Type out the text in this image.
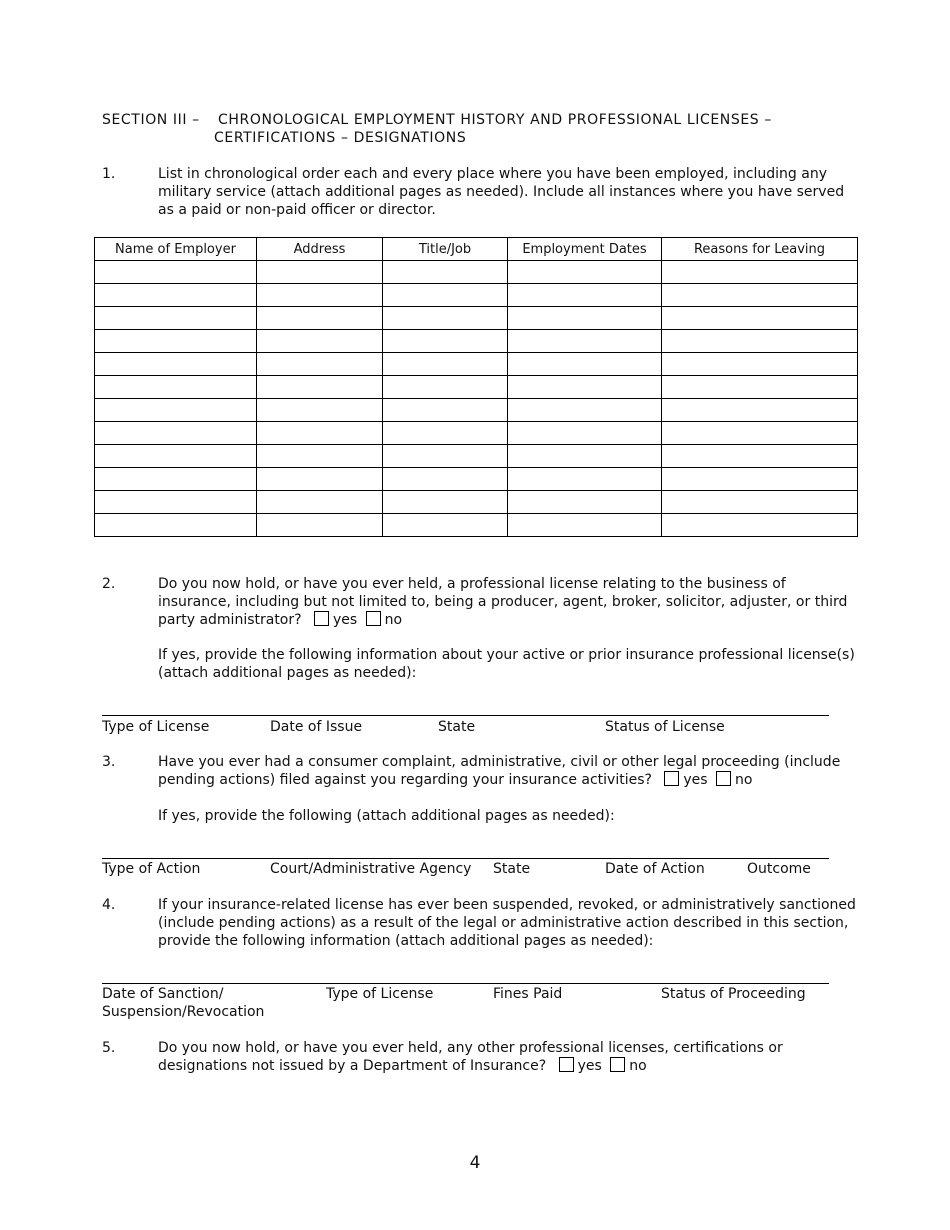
SECTION III – CHRONOLOGICAL EMPLOYMENT HISTORY AND PROFESSIONAL LICENSES –
CERTIFICATIONS – DESIGNATIONS
1.	List in chronological order each and every place where you have been employed, including any military service (attach additional pages as needed). Include all instances where you have served as a paid or non-paid officer or director.
Name of Employer	Address	Title/Job	Employment Dates	Reasons for Leaving

2.	Do you now hold, or have you ever held, a professional license relating to the business of insurance, including but not limited to, being a producer, agent, broker, solicitor, adjuster, or third party administrator? yes no
If yes, provide the following information about your active or prior insurance professional license(s) (attach additional pages as needed):
Type of License	Date of Issue	State	Status of License
3.	Have you ever had a consumer complaint, administrative, civil or other legal proceeding (include pending actions) filed against you regarding your insurance activities? yes no
If yes, provide the following (attach additional pages as needed):
Type of Action	Court/Administrative Agency State	Date of Action	Outcome
4.	If your insurance-related license has ever been suspended, revoked, or administratively sanctioned (include pending actions) as a result of the legal or administrative action described in this section, provide the following information (attach additional pages as needed):
Date of Sanction/
Suspension/Revocation
Type of License	Fines Paid	Status of Proceeding
5.	Do you now hold, or have you ever held, any other professional licenses, certifications or designations not issued by a Department of Insurance? yes no
4
